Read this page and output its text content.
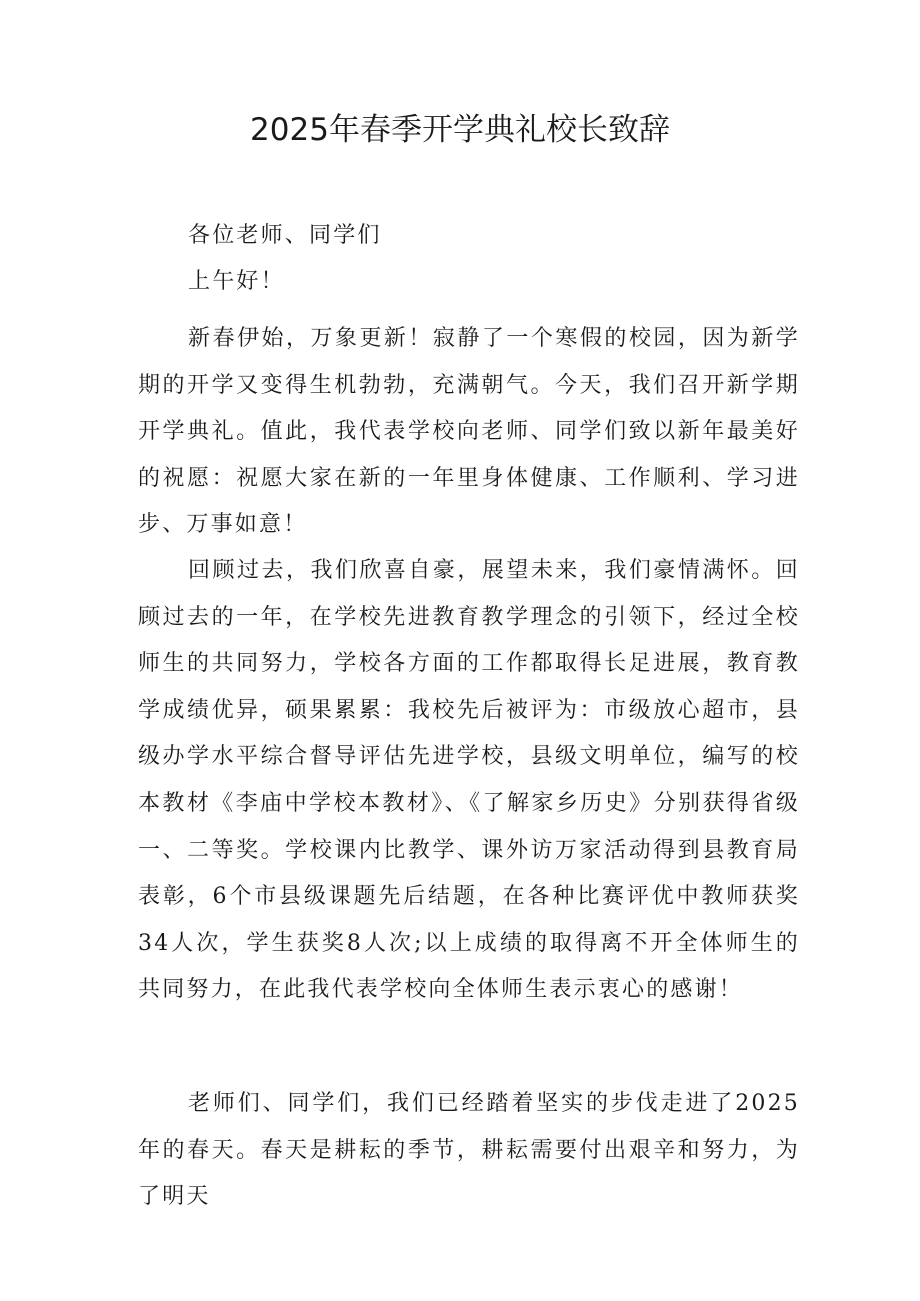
2025年春季开学典礼校长致辞

各位老师、同学们

上午好！

新春伊始，万象更新！寂静了一个寒假的校园，因为新学期的开学又变得生机勃勃，充满朝气。今天，我们召开新学期开学典礼。值此，我代表学校向老师、同学们致以新年最美好的祝愿：祝愿大家在新的一年里身体健康、工作顺利、学习进步、万事如意！

回顾过去，我们欣喜自豪，展望未来，我们豪情满怀。回顾过去的一年，在学校先进教育教学理念的引领下，经过全校师生的共同努力，学校各方面的工作都取得长足进展，教育教学成绩优异，硕果累累：我校先后被评为：市级放心超市，县级办学水平综合督导评估先进学校，县级文明单位，编写的校本教材《李庙中学校本教材》、《了解家乡历史》分别获得省级一、二等奖。学校课内比教学、课外访万家活动得到县教育局表彰，6个市县级课题先后结题，在各种比赛评优中教师获奖34人次，学生获奖8人次;以上成绩的取得离不开全体师生的共同努力，在此我代表学校向全体师生表示衷心的感谢！

老师们、同学们，我们已经踏着坚实的步伐走进了2025年的春天。春天是耕耘的季节，耕耘需要付出艰辛和努力，为了明天
